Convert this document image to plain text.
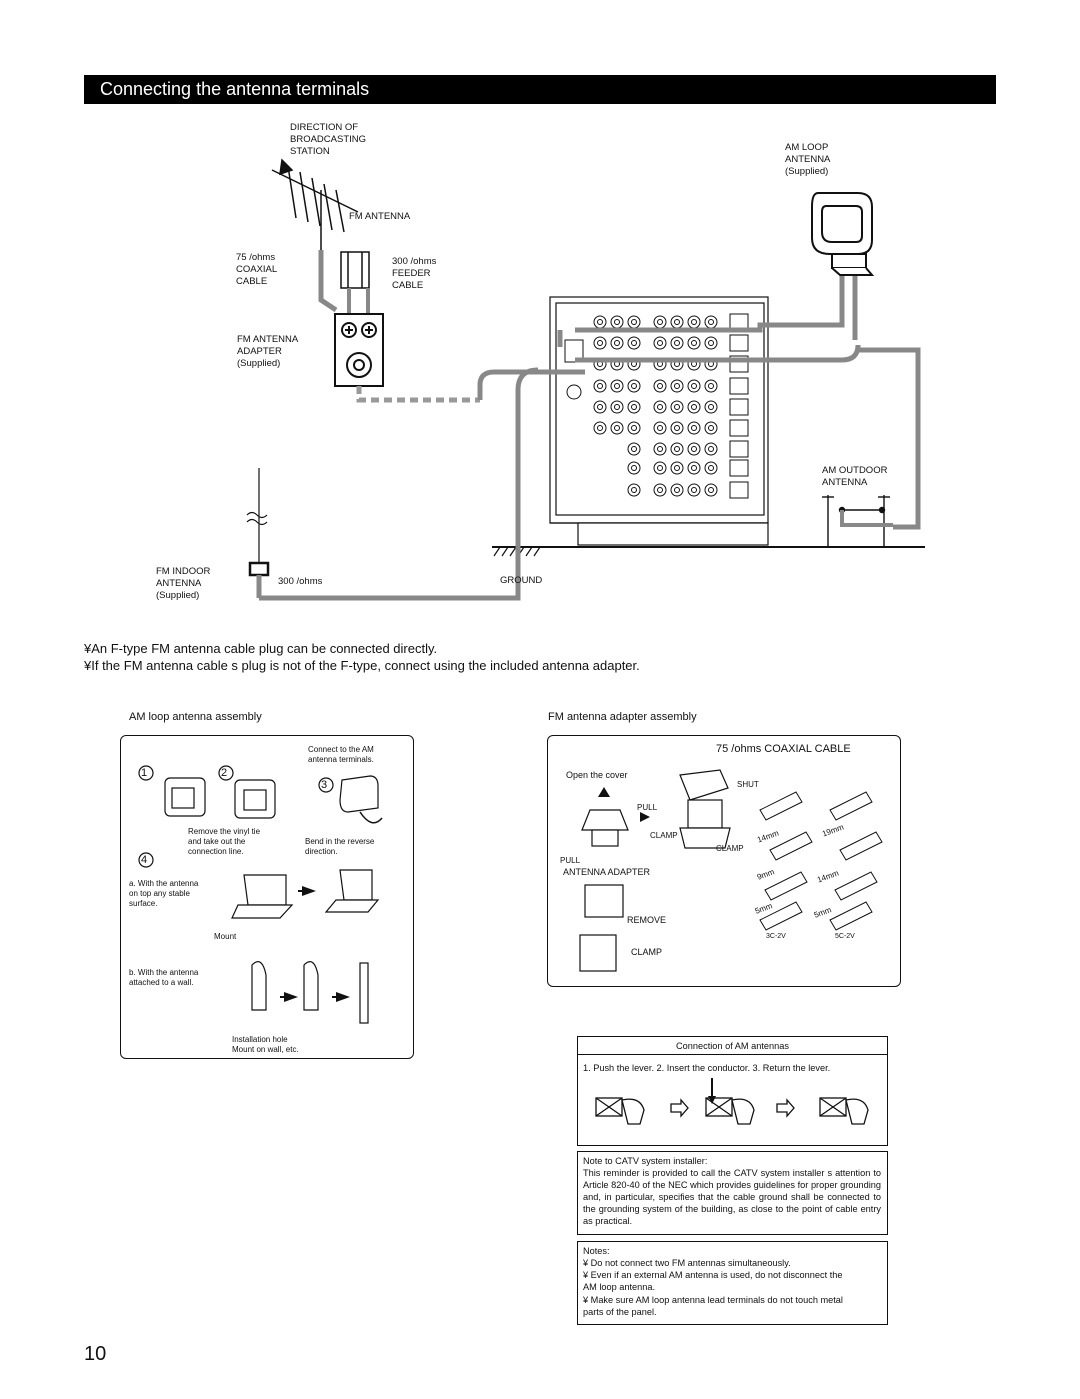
Connecting the antenna terminals
DIRECTION OF
BROADCASTING
STATION
FM ANTENNA
75 /ohms
COAXIAL
CABLE
300 /ohms
FEEDER
CABLE
FM ANTENNA
ADAPTER
(Supplied)
AM LOOP
ANTENNA
(Supplied)
AM OUTDOOR
ANTENNA
FM INDOOR
ANTENNA
(Supplied)
300 /ohms	GROUND
¥An F-type FM antenna cable plug can be connected directly.
¥If the FM antenna cable s plug is not of the F-type, connect using the included antenna adapter.
AM loop antenna assembly
1	2
3
4
Connect to the AM
antenna terminals.
Remove the vinyl tie
and take out the
connection line.
Bend in the reverse
direction.
a. With the antenna
on top any stable
surface.
Mount
b. With the antenna
attached to a wall.
Installation hole
Mount on wall, etc.
FM antenna adapter assembly
75 /ohms COAXIAL CABLE
Open the cover
SHUT
PULL
CLAMP
CLAMP
PULL
ANTENNA ADAPTER
REMOVE
CLAMP
14mm	19mm
9mm	14mm
5mm	5mm
3C-2V	5C-2V
Connection of AM antennas
1. Push the lever. 2. Insert the conductor. 3. Return the lever.
Note to CATV system installer:
This reminder is provided to call the CATV system installer s attention to Article 820-40 of the NEC which provides guidelines for proper grounding and, in particular, specifies that the cable ground shall be connected to the grounding system of the building, as close to the point of cable entry as practical.
Notes:
¥ Do not connect two FM antennas simultaneously.
¥ Even if an external AM antenna is used, do not disconnect the
AM loop antenna.
¥ Make sure AM loop antenna lead terminals do not touch metal
parts of the panel.
10
